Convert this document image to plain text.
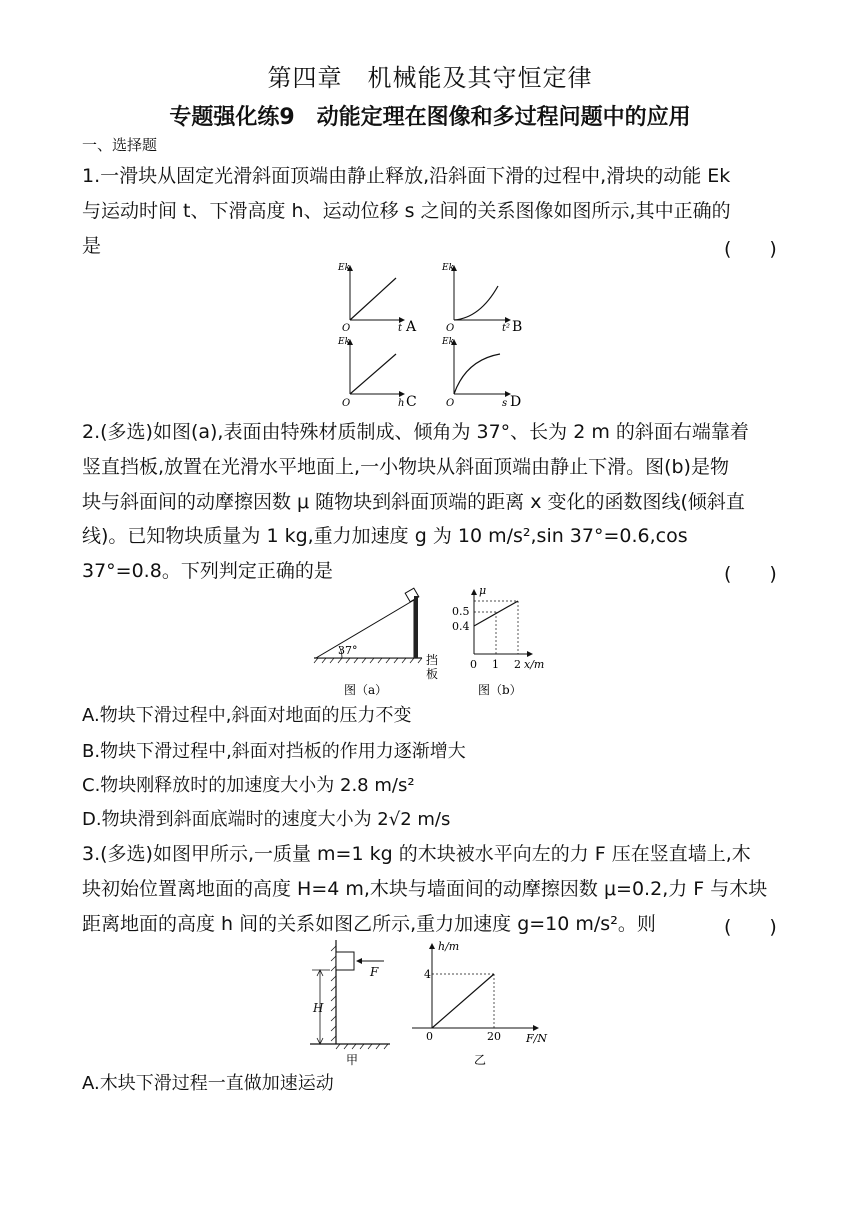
第四章　机械能及其守恒定律
专题强化练9　动能定理在图像和多过程问题中的应用
一、选择题
1.一滑块从固定光滑斜面顶端由静止释放,沿斜面下滑的过程中,滑块的动能 Ek
与运动时间 t、下滑高度 h、运动位移 s 之间的关系图像如图所示,其中正确的
是	(　　)
Ek
O	t A
Ek
O	t² B
Ek
O	h C
Ek
O	s D
2.(多选)如图(a),表面由特殊材质制成、倾角为 37°、长为 2 m 的斜面右端靠着
竖直挡板,放置在光滑水平地面上,一小物块从斜面顶端由静止下滑。图(b)是物
块与斜面间的动摩擦因数 μ 随物块到斜面顶端的距离 x 变化的函数图线(倾斜直
线)。已知物块质量为 1 kg,重力加速度 g 为 10 m/s²,sin 37°=0.6,cos
37°=0.8。下列判定正确的是	(　　)
37°
挡
板
图（a）
μ
0.5
0.4
0 1 2 x/m
图（b）
A.物块下滑过程中,斜面对地面的压力不变
B.物块下滑过程中,斜面对挡板的作用力逐渐增大
C.物块刚释放时的加速度大小为 2.8 m/s²
D.物块滑到斜面底端时的速度大小为 2√2 m/s
3.(多选)如图甲所示,一质量 m=1 kg 的木块被水平向左的力 F 压在竖直墙上,木
块初始位置离地面的高度 H=4 m,木块与墙面间的动摩擦因数 μ=0.2,力 F 与木块
距离地面的高度 h 间的关系如图乙所示,重力加速度 g=10 m/s²。则	(　　)
F
H
甲
h/m
4
0	20 F/N
乙
A.木块下滑过程一直做加速运动
